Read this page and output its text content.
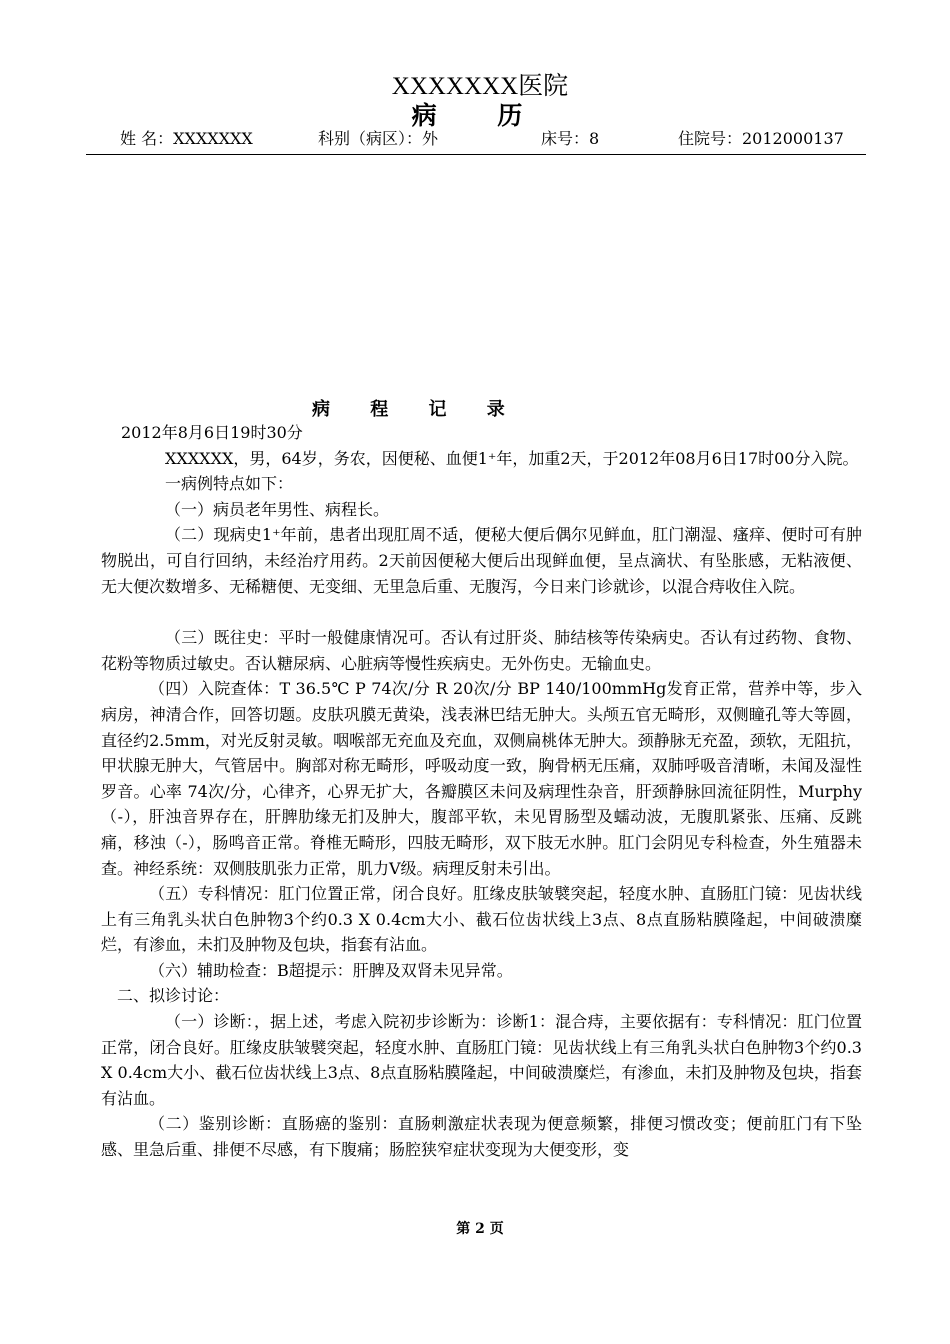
XXXXXXX医院
病 历
姓 名：XXXXXXX	科别（病区）：外	床号：8	住院号：2012000137
病 程 记 录

2012年8月6日19时30分

XXXXXX，男，64岁，务农，因便秘、血便1⁺年，加重2天，于2012年08月6日17时00分入院。

一病例特点如下：

（一）病员老年男性、病程长。

（二）现病史1⁺年前，患者出现肛周不适，便秘大便后偶尔见鲜血，肛门潮湿、瘙痒、便时可有肿物脱出，可自行回纳，未经治疗用药。2天前因便秘大便后出现鲜血便，呈点滴状、有坠胀感，无粘液便、无大便次数增多、无稀糖便、无变细、无里急后重、无腹泻，今日来门诊就诊，以混合痔收住入院。

（三）既往史：平时一般健康情况可。否认有过肝炎、肺结核等传染病史。否认有过药物、食物、花粉等物质过敏史。否认糖尿病、心脏病等慢性疾病史。无外伤史。无输血史。

（四）入院查体：T 36.5℃ P 74次/分 R 20次/分 BP 140/100mmHg发育正常，营养中等，步入病房，神清合作，回答切题。皮肤巩膜无黄染，浅表淋巴结无肿大。头颅五官无畸形，双侧瞳孔等大等圆，直径约2.5mm，对光反射灵敏。咽喉部无充血及充血，双侧扁桃体无肿大。颈静脉无充盈，颈软，无阻抗，甲状腺无肿大，气管居中。胸部对称无畸形，呼吸动度一致，胸骨柄无压痛，双肺呼吸音清晰，未闻及湿性罗音。心率 74次/分，心律齐，心界无扩大，各瓣膜区未问及病理性杂音，肝颈静脉回流征阴性，Murphy（-），肝浊音界存在，肝脾肋缘无扪及肿大，腹部平软，未见胃肠型及蠕动波，无腹肌紧张、压痛、反跳痛，移浊（-），肠鸣音正常。脊椎无畸形，四肢无畸形，双下肢无水肿。肛门会阴见专科检查，外生殖器未查。神经系统：双侧肢肌张力正常，肌力Ⅴ级。病理反射未引出。

（五）专科情况：肛门位置正常，闭合良好。肛缘皮肤皱襞突起，轻度水肿、直肠肛门镜：见齿状线上有三角乳头状白色肿物3个约0.3 X 0.4cm大小、截石位齿状线上3点、8点直肠粘膜隆起，中间破溃糜烂，有渗血，未扪及肿物及包块，指套有沾血。

（六）辅助检查：B超提示：肝脾及双肾未见异常。

二、拟诊讨论：

（一）诊断：，据上述，考虑入院初步诊断为：诊断1：混合痔，主要依据有：专科情况：肛门位置正常，闭合良好。肛缘皮肤皱襞突起，轻度水肿、直肠肛门镜：见齿状线上有三角乳头状白色肿物3个约0.3 X 0.4cm大小、截石位齿状线上3点、8点直肠粘膜隆起，中间破溃糜烂，有渗血，未扪及肿物及包块，指套有沾血。

（二）鉴别诊断：直肠癌的鉴别：直肠刺激症状表现为便意频繁，排便习惯改变；便前肛门有下坠感、里急后重、排便不尽感，有下腹痛；肠腔狭窄症状变现为大便变形，变

第 2 页
